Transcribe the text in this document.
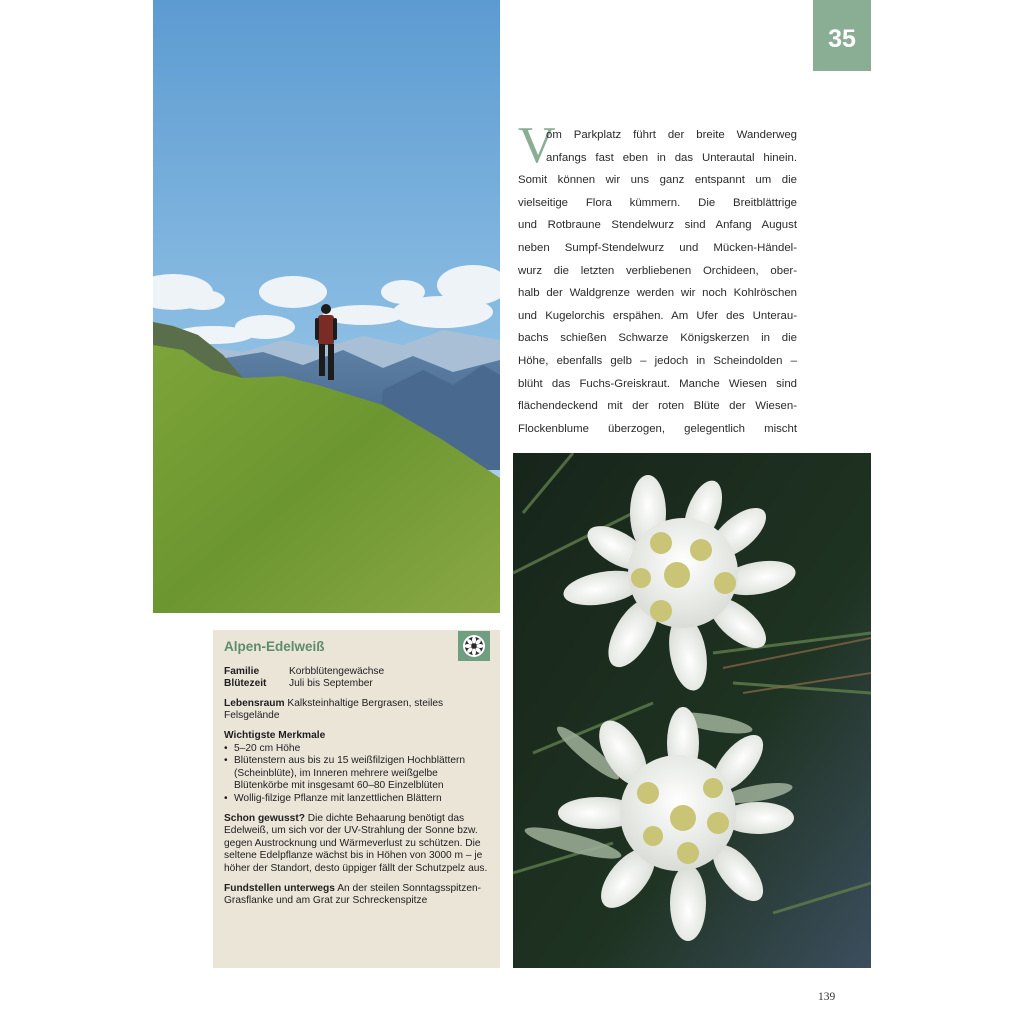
35
V
om Parkplatz führt der breite Wanderweg
anfangs fast eben in das Unterautal hinein.
Somit können wir uns ganz entspannt um die
vielseitige Flora kümmern. Die Breitblättrige
und Rotbraune Stendelwurz sind Anfang August
neben Sumpf-Stendelwurz und Mücken-Händel-
wurz die letzten verbliebenen Orchideen, ober-
halb der Waldgrenze werden wir noch Kohlröschen
und Kugelorchis erspähen. Am Ufer des Unterau-
bachs schießen Schwarze Königskerzen in die
Höhe, ebenfalls gelb – jedoch in Scheindolden –
blüht das Fuchs-Greiskraut. Manche Wiesen sind
flächendeckend mit der roten Blüte der Wiesen-
Flockenblume überzogen, gelegentlich mischt
Alpen-Edelweiß
Familie	Korbblütengewächse
Blütezeit	Juli bis September
Lebensraum Kalksteinhaltige Bergrasen, steiles Felsgelände
Wichtigste Merkmale
• 5–20 cm Höhe
• Blütenstern aus bis zu 15 weißfilzigen Hochblättern (Scheinblüte), im Inneren mehrere weißgelbe Blütenkörbe mit insgesamt 60–80 Einzelblüten
• Wollig-filzige Pflanze mit lanzettlichen Blättern
Schon gewusst? Die dichte Behaarung benötigt das Edelweiß, um sich vor der UV-Strahlung der Sonne bzw. gegen Austrocknung und Wärmeverlust zu schützen. Die seltene Edelpflanze wächst bis in Höhen von 3000 m – je höher der Standort, desto üppiger fällt der Schutzpelz aus.
Fundstellen unterwegs An der steilen Sonntagsspitzen-Grasflanke und am Grat zur Schreckenspitze
139
